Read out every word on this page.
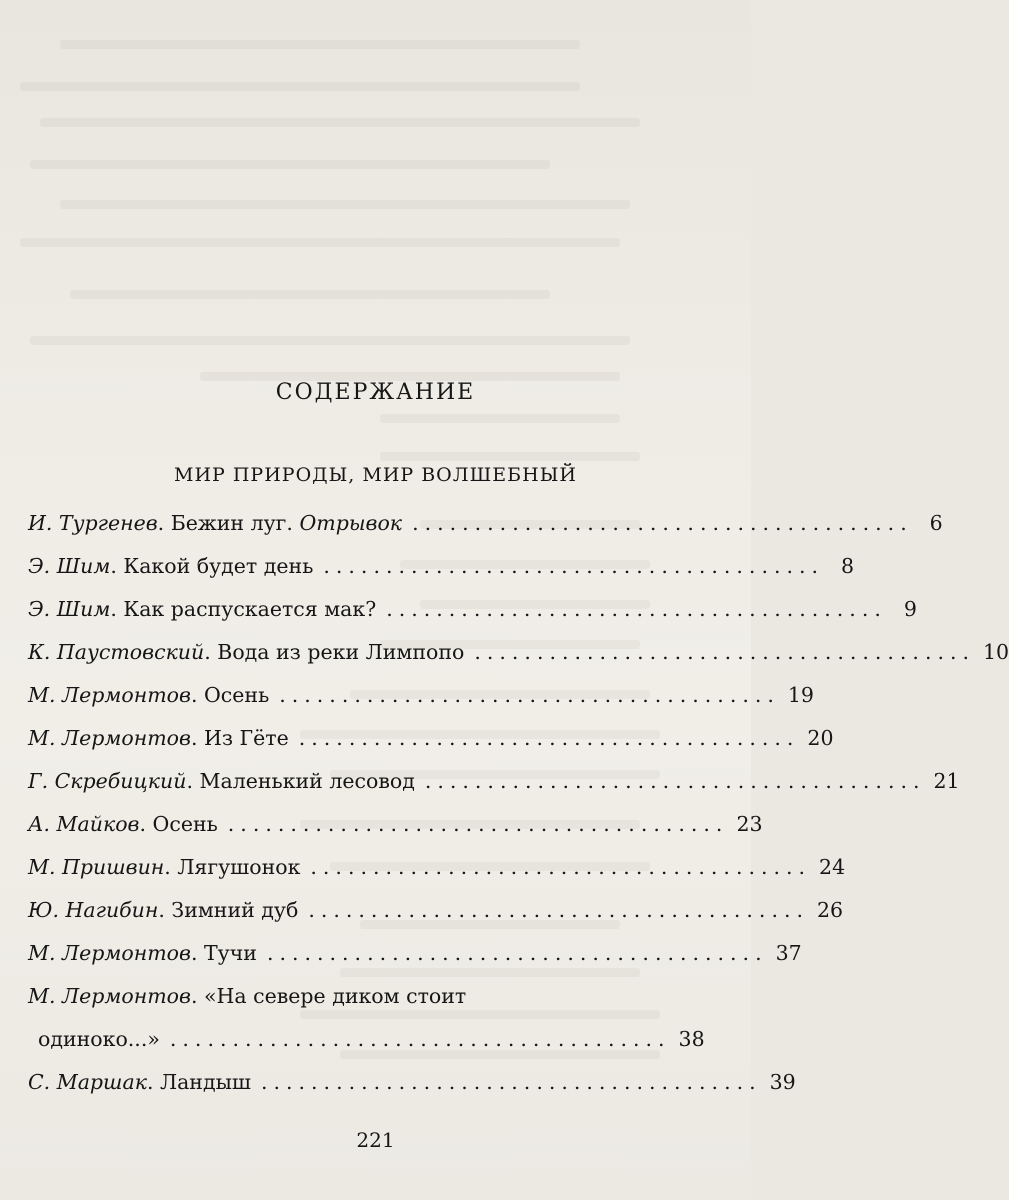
СОДЕРЖАНИЕ
МИР ПРИРОДЫ, МИР ВОЛШЕБНЫЙ
И. Тургенев. Бежин луг. Отрывок ........................................ 6
Э. Шим. Какой будет день ........................................ 8
Э. Шим. Как распускается мак? ........................................ 9
К. Паустовский. Вода из реки Лимпопо ........................................ 10
М. Лермонтов. Осень ........................................ 19
М. Лермонтов. Из Гёте ........................................ 20
Г. Скребицкий. Маленький лесовод ........................................ 21
А. Майков. Осень ........................................ 23
М. Пришвин. Лягушонок ........................................ 24
Ю. Нагибин. Зимний дуб ........................................ 26
М. Лермонтов. Тучи ........................................ 37
М. Лермонтов. «На севере диком стоит
одиноко...» ........................................ 38
С. Маршак. Ландыш ........................................ 39
221
